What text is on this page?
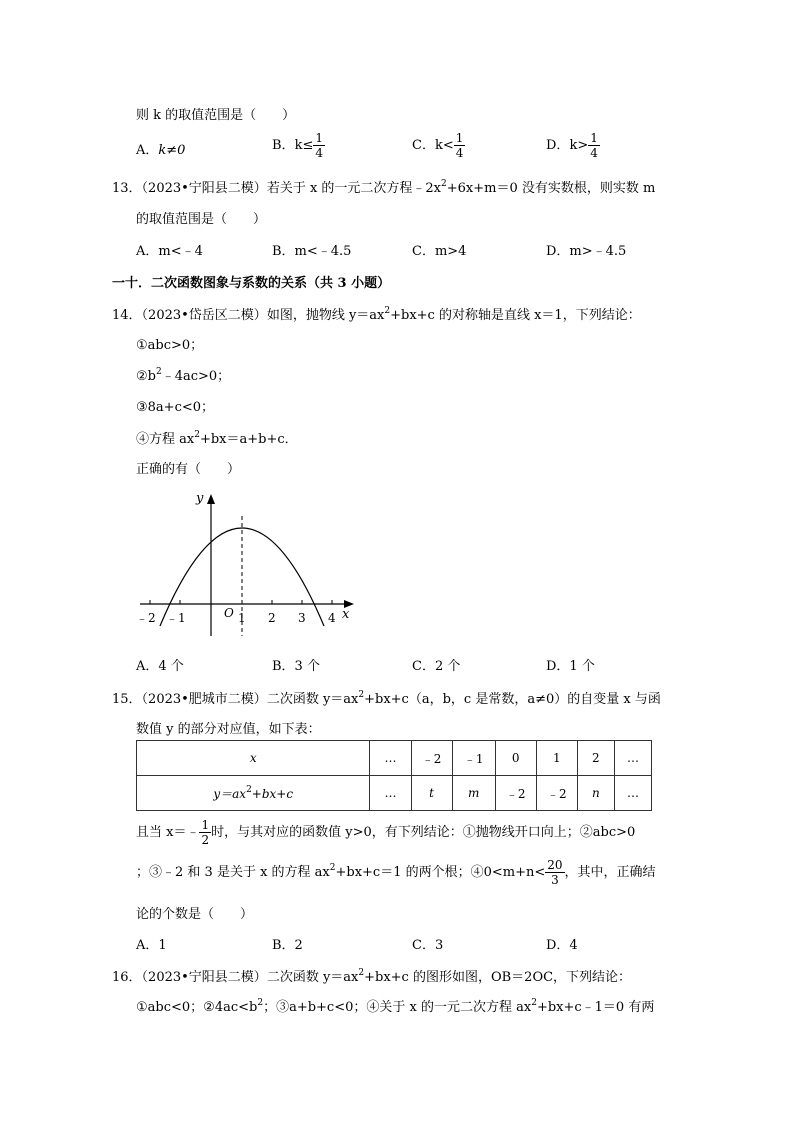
则 k 的取值范围是（　　）
A．k≠0	B．$k\le \frac{1}{4}$	C．$k< \frac{1}{4}$	D．$k> \frac{1}{4}$
13．（2023•宁阳县二模）若关于 x 的一元二次方程$﹣2x^2+6x+m=0$ 没有实数根，则实数 m
的取值范围是（　　）
A．m<﹣4	B．m<﹣4.5	C．m>4	D．m>﹣4.5
一十．二次函数图象与系数的关系（共 3 小题）
14．（2023•岱岳区二模）如图，抛物线 $y=ax^2+bx+c$ 的对称轴是直线 x＝1，下列结论：
①abc>0；
$②b^2﹣4ac>0$；
③8a+c<0；
④方程 $ax^2+bx=a+b+c$．
正确的有（　　）
y
x
O
﹣2 ﹣1	1 2 3 4
A．4 个	B．3 个	C．2 个	D．1 个
15．（2023•肥城市二模）二次函数 $y=ax^2+bx+c(a$，b，c 是常数，a≠0）的自变量 x 与函
数值 y 的部分对应值，如下表：
x	…	﹣2	﹣1	0	1	2	…
$y=ax^2+bx+c$	…	t	m	﹣2	﹣2	n	…
且当 x＝﹣ $\frac{1}{2}$ 时，与其对应的函数值 y>0，有下列结论：①抛物线开口向上；②abc>0
；③﹣2 和 3 是关于 x 的方程 $ax^2+bx+c=1$ 的两个根；④0<m+n< $\frac{20}{3}$ ，其中，正确结
论的个数是（　　）
A．1	B．2	C．3	D．4
16．（2023•宁阳县二模）二次函数 $y=ax^2+bx+c$ 的图形如图，OB＝2OC，下列结论：
①abc<0；$②4ac<b^2$；③a+b+c<0；④关于 x 的一元二次方程 $ax^2+bx+c﹣1=0$ 有两
